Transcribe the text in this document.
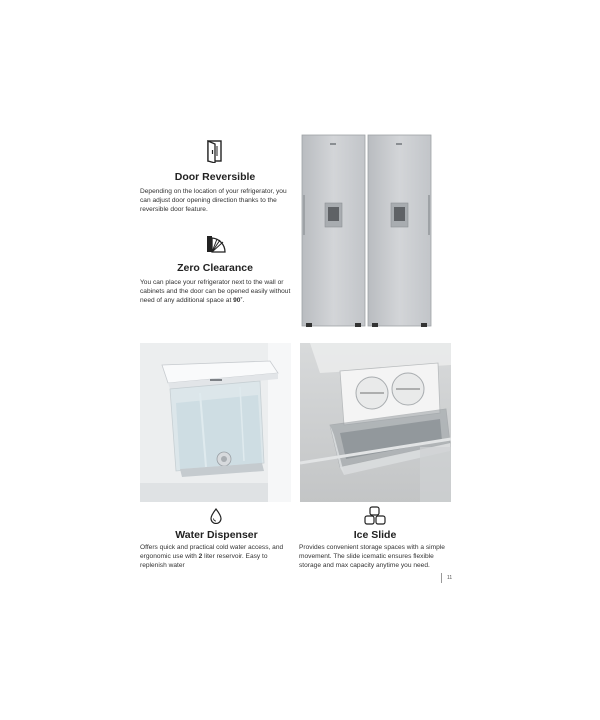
Door Reversible
Depending on the location of your refrigerator, you can adjust door opening direction thanks to the reversible door feature.
Zero Clearance
You can place your refrigerator next to the wall or cabinets and the door can be opened easily without need of any additional space at 90˚.
Water Dispenser
Offers quick and practical cold water access, and ergonomic use with 2 liter reservoir. Easy to replenish water
Ice Slide
Provides convenient storage spaces with a simple movement. The slide icematic ensures flexible storage and max capacity anytime you need.
11
